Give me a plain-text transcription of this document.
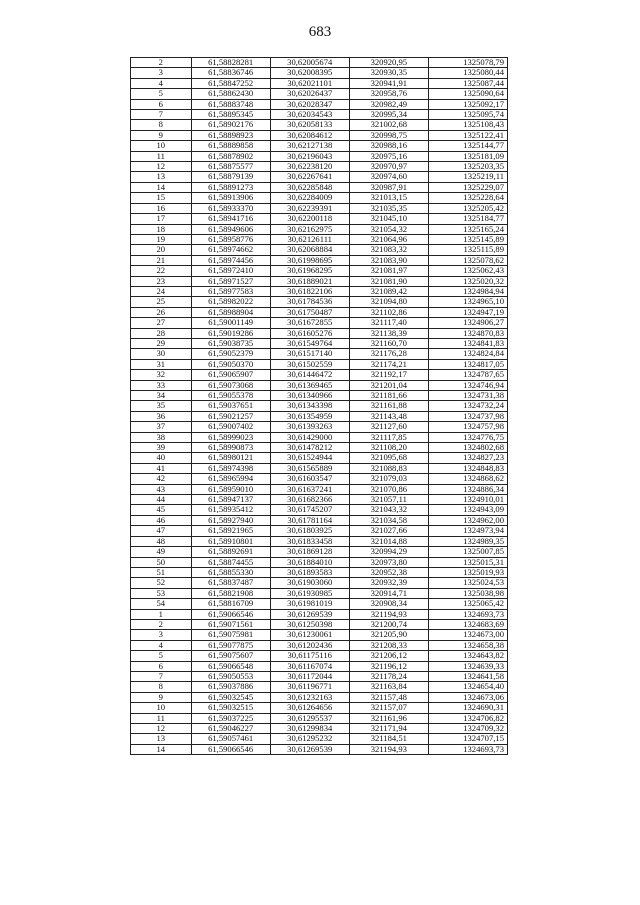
683
2	61,58828281	30,62005674	320920,95	1325078,79
3	61,58836746	30,62008395	320930,35	1325080,44
4	61,58847252	30,62021101	320941,91	1325087,44
5	61,58862430	30,62026437	320958,76	1325090,64
6	61,58883748	30,62028347	320982,49	1325092,17
7	61,58895345	30,62034543	320995,34	1325095,74
8	61,58902176	30,62058133	321002,68	1325108,43
9	61,58898923	30,62084612	320998,75	1325122,41
10	61,58889858	30,62127138	320988,16	1325144,77
11	61,58878902	30,62196043	320975,16	1325181,09
12	61,58875577	30,62238120	320970,97	1325203,35
13	61,58879139	30,62267641	320974,60	1325219,11
14	61,58891273	30,62285848	320987,91	1325229,07
15	61,58913906	30,62284009	321013,15	1325228,64
16	61,58933370	30,62239391	321035,35	1325205,42
17	61,58941716	30,62200118	321045,10	1325184,77
18	61,58949606	30,62162975	321054,32	1325165,24
19	61,58958776	30,62126111	321064,96	1325145,89
20	61,58974662	30,62068884	321083,32	1325115,89
21	61,58974456	30,61998695	321083,90	1325078,62
22	61,58972410	30,61968295	321081,97	1325062,43
23	61,58971527	30,61889021	321081,90	1325020,32
24	61,58977583	30,61822106	321089,42	1324984,94
25	61,58982022	30,61784536	321094,80	1324965,10
26	61,58988904	30,61750487	321102,86	1324947,19
27	61,59001149	30,61672855	321117,40	1324906,27
28	61,59019286	30,61605276	321138,39	1324870,83
29	61,59038735	30,61549764	321160,70	1324841,83
30	61,59052379	30,61517140	321176,28	1324824,84
31	61,59050370	30,61502559	321174,21	1324817,05
32	61,59065907	30,61446472	321192,17	1324787,65
33	61,59073068	30,61369465	321201,04	1324746,94
34	61,59055378	30,61340966	321181,66	1324731,38
35	61,59037651	30,61343398	321161,88	1324732,24
36	61,59021257	30,61354959	321143,48	1324737,98
37	61,59007402	30,61393263	321127,60	1324757,98
38	61,58999023	30,61429000	321117,85	1324776,75
39	61,58990873	30,61478212	321108,20	1324802,68
40	61,58980121	30,61524944	321095,68	1324827,23
41	61,58974398	30,61565889	321088,83	1324848,83
42	61,58965994	30,61603547	321079,03	1324868,62
43	61,58959010	30,61637241	321070,86	1324886,34
44	61,58947137	30,61682366	321057,11	1324910,01
45	61,58935412	30,61745207	321043,32	1324943,09
46	61,58927940	30,61781164	321034,58	1324962,00
47	61,58921965	30,61803925	321027,66	1324973,94
48	61,58910801	30,61833458	321014,88	1324989,35
49	61,58892691	30,61869128	320994,29	1325007,85
50	61,58874455	30,61884010	320973,80	1325015,31
51	61,58855330	30,61893583	320952,38	1325019,93
52	61,58837487	30,61903060	320932,39	1325024,53
53	61,58821908	30,61930985	320914,71	1325038,98
54	61,58816709	30,61981019	320908,34	1325065,42
1	61,59066546	30,61269539	321194,93	1324693,73
2	61,59071561	30,61250398	321200,74	1324683,69
3	61,59075981	30,61230061	321205,90	1324673,00
4	61,59077875	30,61202436	321208,33	1324658,38
5	61,59075607	30,61175116	321206,12	1324643,82
6	61,59066548	30,61167074	321196,12	1324639,33
7	61,59050553	30,61172044	321178,24	1324641,58
8	61,59037886	30,61196771	321163,84	1324654,40
9	61,59032545	30,61232163	321157,48	1324673,06
10	61,59032515	30,61264656	321157,07	1324690,31
11	61,59037225	30,61295537	321161,96	1324706,82
12	61,59046227	30,61299834	321171,94	1324709,32
13	61,59057461	30,61295232	321184,51	1324707,15
14	61,59066546	30,61269539	321194,93	1324693,73
